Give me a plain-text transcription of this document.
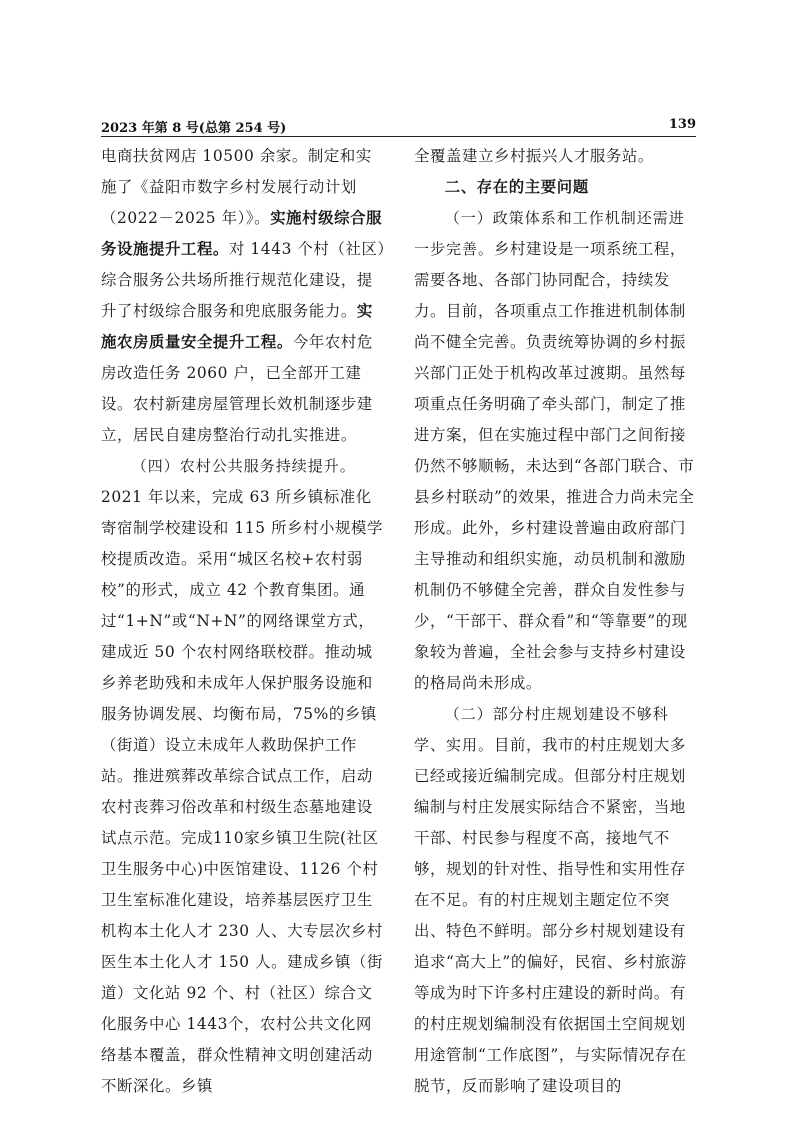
2023 年第 8 号(总第 254 号)	139

电商扶贫网店 10500 余家。制定和实施了《益阳市数字乡村发展行动计划（2022－2025 年）》。实施村级综合服务设施提升工程。对 1443 个村（社区）综合服务公共场所推行规范化建设，提升了村级综合服务和兜底服务能力。实施农房质量安全提升工程。今年农村危房改造任务 2060 户，已全部开工建设。农村新建房屋管理长效机制逐步建立，居民自建房整治行动扎实推进。

（四）农村公共服务持续提升。2021 年以来，完成 63 所乡镇标准化寄宿制学校建设和 115 所乡村小规模学校提质改造。采用“城区名校+农村弱校”的形式，成立 42 个教育集团。通过“1+N”或“N+N”的网络课堂方式，建成近 50 个农村网络联校群。推动城乡养老助残和未成年人保护服务设施和服务协调发展、均衡布局，75%的乡镇（街道）设立未成年人救助保护工作站。推进殡葬改革综合试点工作，启动农村丧葬习俗改革和村级生态墓地建设试点示范。完成110家乡镇卫生院(社区卫生服务中心)中医馆建设、1126 个村卫生室标准化建设，培养基层医疗卫生机构本土化人才 230 人、大专层次乡村医生本土化人才 150 人。建成乡镇（街道）文化站 92 个、村（社区）综合文化服务中心 1443个，农村公共文化网络基本覆盖，群众性精神文明创建活动不断深化。乡镇

全覆盖建立乡村振兴人才服务站。

二、存在的主要问题

（一）政策体系和工作机制还需进一步完善。乡村建设是一项系统工程，需要各地、各部门协同配合，持续发力。目前，各项重点工作推进机制体制尚不健全完善。负责统筹协调的乡村振兴部门正处于机构改革过渡期。虽然每项重点任务明确了牵头部门，制定了推进方案，但在实施过程中部门之间衔接仍然不够顺畅，未达到“各部门联合、市县乡村联动”的效果，推进合力尚未完全形成。此外，乡村建设普遍由政府部门主导推动和组织实施，动员机制和激励机制仍不够健全完善，群众自发性参与少，“干部干、群众看”和“等靠要”的现象较为普遍，全社会参与支持乡村建设的格局尚未形成。

（二）部分村庄规划建设不够科学、实用。目前，我市的村庄规划大多已经或接近编制完成。但部分村庄规划编制与村庄发展实际结合不紧密，当地干部、村民参与程度不高，接地气不够，规划的针对性、指导性和实用性存在不足。有的村庄规划主题定位不突出、特色不鲜明。部分乡村规划建设有追求“高大上”的偏好，民宿、乡村旅游等成为时下许多村庄建设的新时尚。有的村庄规划编制没有依据国土空间规划用途管制“工作底图”，与实际情况存在脱节，反而影响了建设项目的
